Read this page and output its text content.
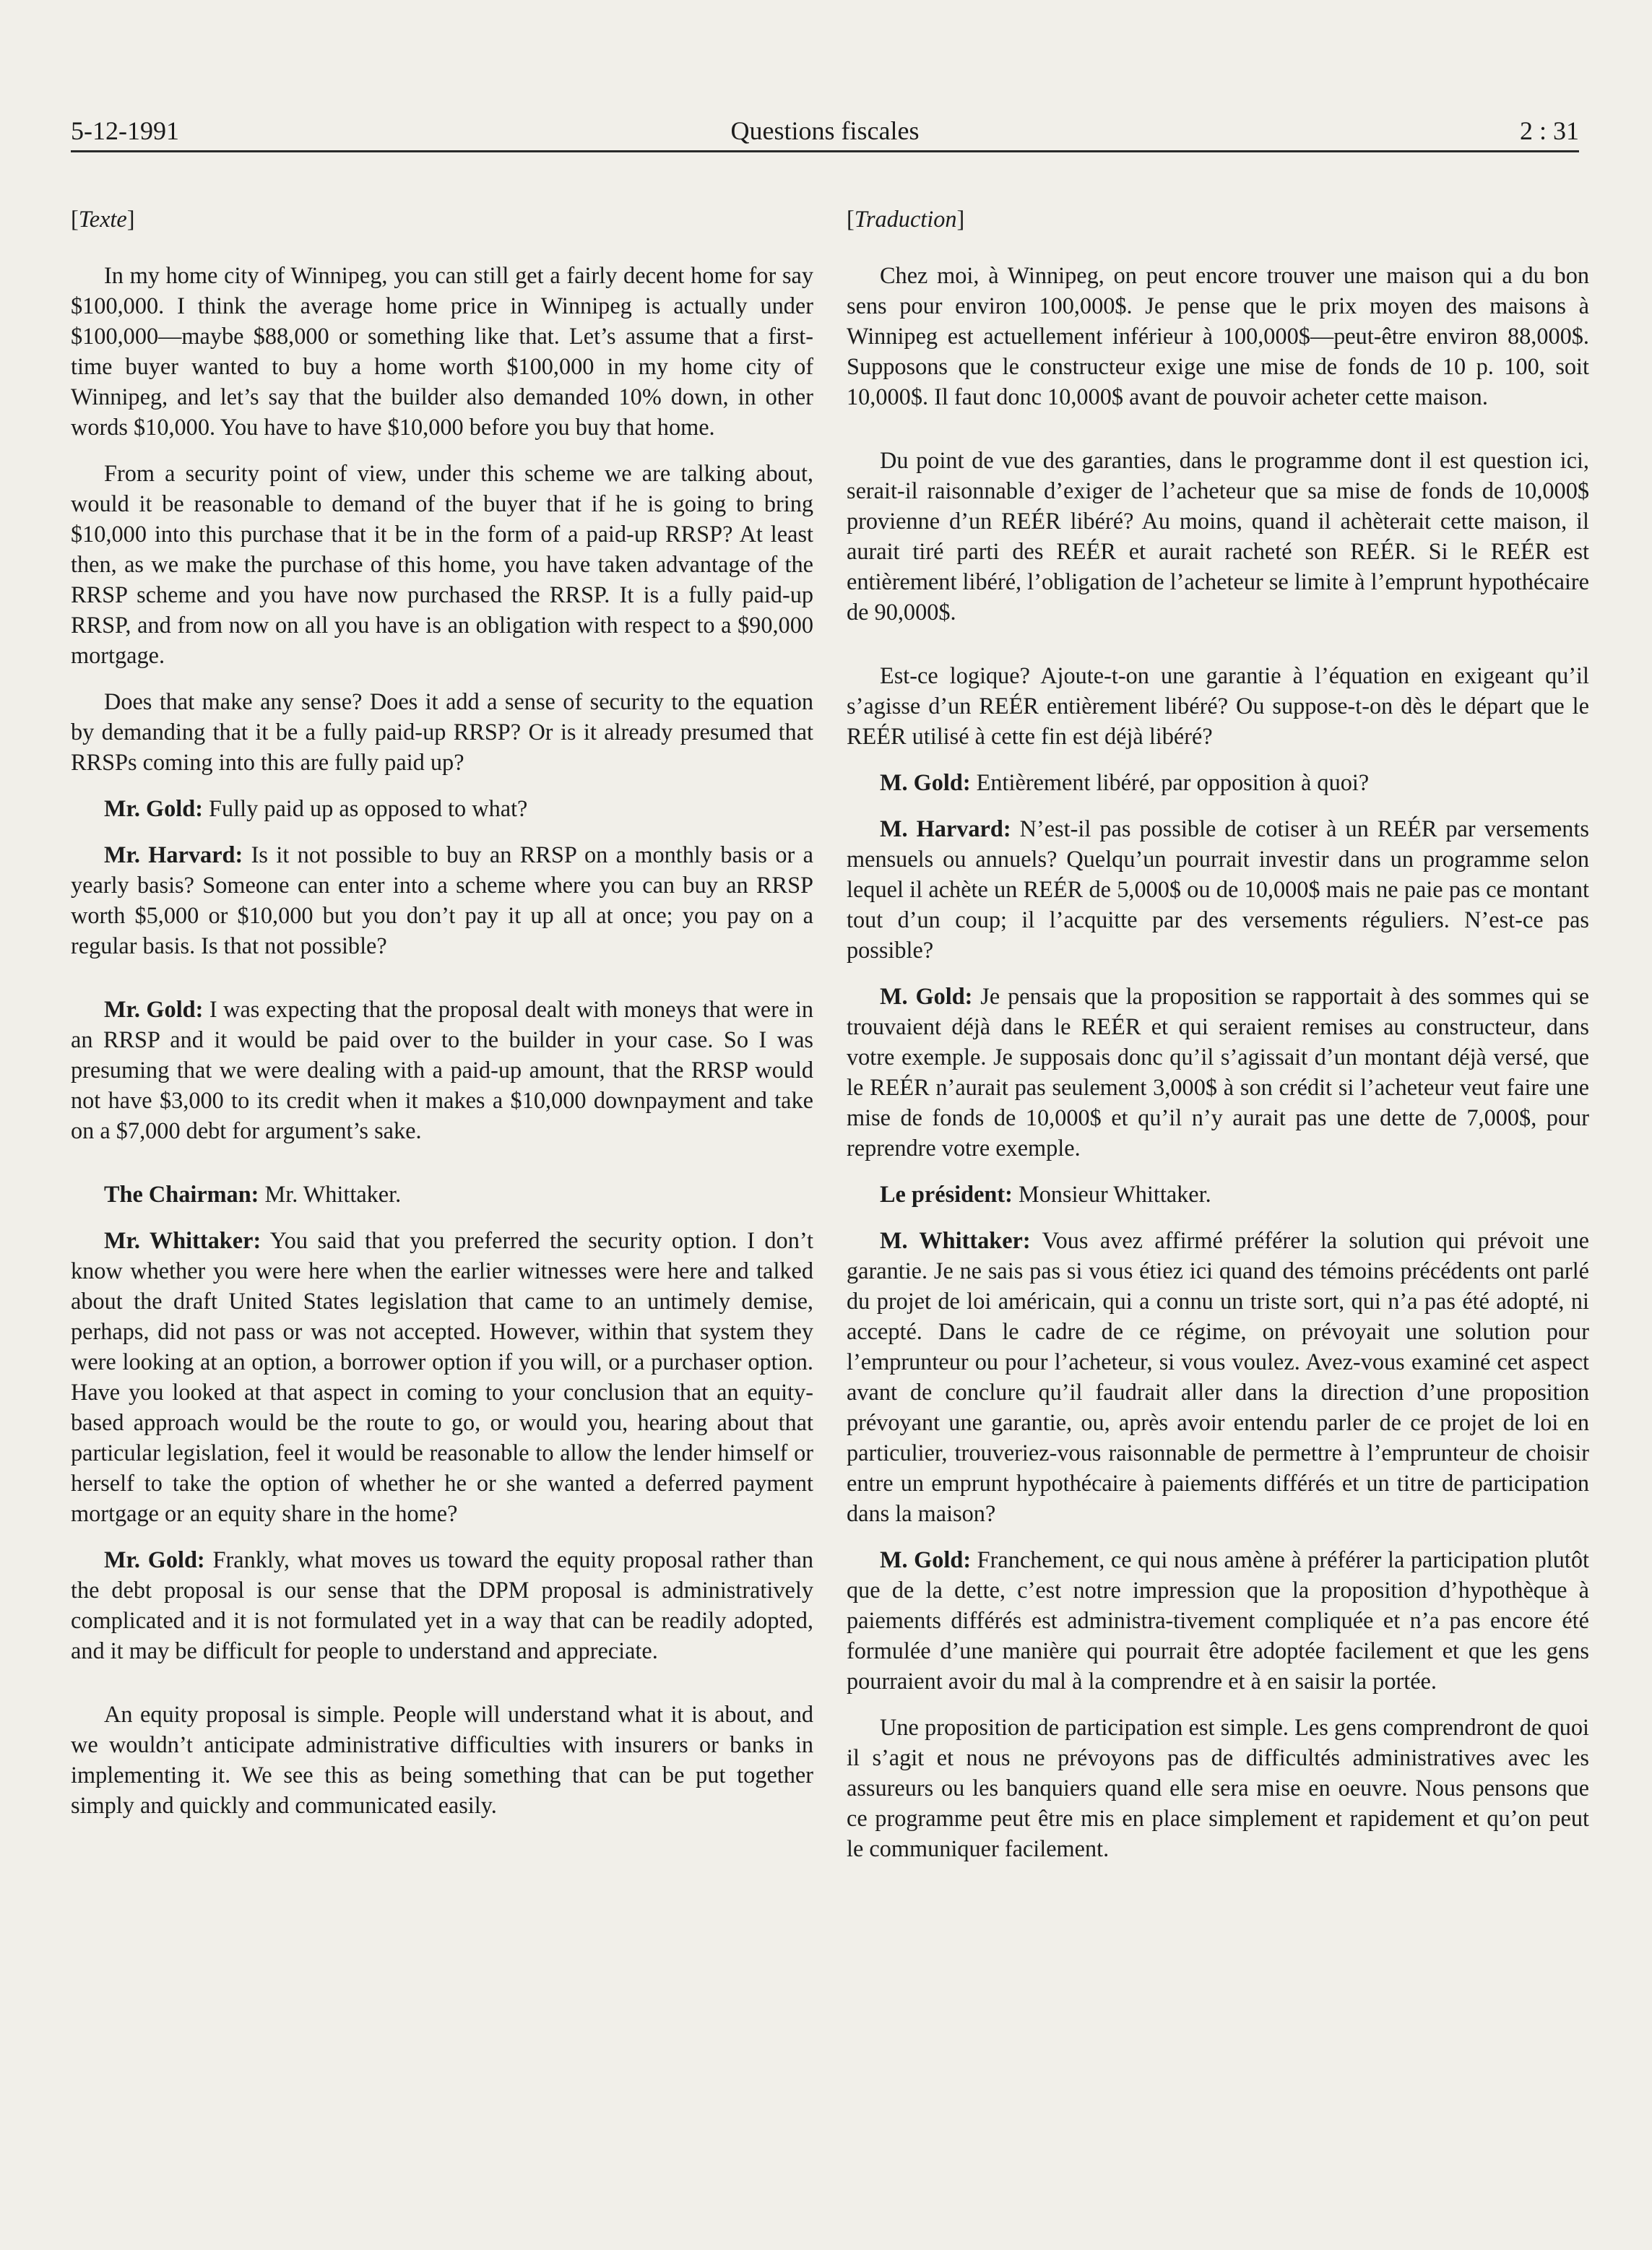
5-12-1991	Questions fiscales	2 : 31
[Texte]

In my home city of Winnipeg, you can still get a fairly decent home for say $100,000. I think the average home price in Winnipeg is actually under $100,000—maybe $88,000 or something like that. Let’s assume that a first-time buyer wanted to buy a home worth $100,000 in my home city of Winnipeg, and let’s say that the builder also demanded 10% down, in other words $10,000. You have to have $10,000 before you buy that home.

From a security point of view, under this scheme we are talking about, would it be reasonable to demand of the buyer that if he is going to bring $10,000 into this purchase that it be in the form of a paid-up RRSP? At least then, as we make the purchase of this home, you have taken advantage of the RRSP scheme and you have now purchased the RRSP. It is a fully paid-up RRSP, and from now on all you have is an obligation with respect to a $90,000 mortgage.

Does that make any sense? Does it add a sense of security to the equation by demanding that it be a fully paid-up RRSP? Or is it already presumed that RRSPs coming into this are fully paid up?

Mr. Gold: Fully paid up as opposed to what?

Mr. Harvard: Is it not possible to buy an RRSP on a monthly basis or a yearly basis? Someone can enter into a scheme where you can buy an RRSP worth $5,000 or $10,000 but you don’t pay it up all at once; you pay on a regular basis. Is that not possible?

Mr. Gold: I was expecting that the proposal dealt with moneys that were in an RRSP and it would be paid over to the builder in your case. So I was presuming that we were dealing with a paid-up amount, that the RRSP would not have $3,000 to its credit when it makes a $10,000 downpayment and take on a $7,000 debt for argument’s sake.

The Chairman: Mr. Whittaker.

Mr. Whittaker: You said that you preferred the security option. I don’t know whether you were here when the earlier witnesses were here and talked about the draft United States legislation that came to an untimely demise, perhaps, did not pass or was not accepted. However, within that system they were looking at an option, a borrower option if you will, or a purchaser option. Have you looked at that aspect in coming to your conclusion that an equity-based approach would be the route to go, or would you, hearing about that particular legislation, feel it would be reasonable to allow the lender himself or herself to take the option of whether he or she wanted a deferred payment mortgage or an equity share in the home?

Mr. Gold: Frankly, what moves us toward the equity proposal rather than the debt proposal is our sense that the DPM proposal is administratively complicated and it is not formulated yet in a way that can be readily adopted, and it may be difficult for people to understand and appreciate.

An equity proposal is simple. People will understand what it is about, and we wouldn’t anticipate administrative difficulties with insurers or banks in implementing it. We see this as being something that can be put together simply and quickly and communicated easily.

[Traduction]

Chez moi, à Winnipeg, on peut encore trouver une maison qui a du bon sens pour environ 100,000$. Je pense que le prix moyen des maisons à Winnipeg est actuellement inférieur à 100,000$—peut-être environ 88,000$. Supposons que le constructeur exige une mise de fonds de 10 p. 100, soit 10,000$. Il faut donc 10,000$ avant de pouvoir acheter cette maison.

Du point de vue des garanties, dans le programme dont il est question ici, serait-il raisonnable d’exiger de l’acheteur que sa mise de fonds de 10,000$ provienne d’un REÉR libéré? Au moins, quand il achèterait cette maison, il aurait tiré parti des REÉR et aurait racheté son REÉR. Si le REÉR est entièrement libéré, l’obligation de l’acheteur se limite à l’emprunt hypothécaire de 90,000$.

Est-ce logique? Ajoute-t-on une garantie à l’équation en exigeant qu’il s’agisse d’un REÉR entièrement libéré? Ou suppose-t-on dès le départ que le REÉR utilisé à cette fin est déjà libéré?

M. Gold: Entièrement libéré, par opposition à quoi?

M. Harvard: N’est-il pas possible de cotiser à un REÉR par versements mensuels ou annuels? Quelqu’un pourrait investir dans un programme selon lequel il achète un REÉR de 5,000$ ou de 10,000$ mais ne paie pas ce montant tout d’un coup; il l’acquitte par des versements réguliers. N’est-ce pas possible?

M. Gold: Je pensais que la proposition se rapportait à des sommes qui se trouvaient déjà dans le REÉR et qui seraient remises au constructeur, dans votre exemple. Je supposais donc qu’il s’agissait d’un montant déjà versé, que le REÉR n’aurait pas seulement 3,000$ à son crédit si l’acheteur veut faire une mise de fonds de 10,000$ et qu’il n’y aurait pas une dette de 7,000$, pour reprendre votre exemple.

Le président: Monsieur Whittaker.

M. Whittaker: Vous avez affirmé préférer la solution qui prévoit une garantie. Je ne sais pas si vous étiez ici quand des témoins précédents ont parlé du projet de loi américain, qui a connu un triste sort, qui n’a pas été adopté, ni accepté. Dans le cadre de ce régime, on prévoyait une solution pour l’emprunteur ou pour l’acheteur, si vous voulez. Avez-vous examiné cet aspect avant de conclure qu’il faudrait aller dans la direction d’une proposition prévoyant une garantie, ou, après avoir entendu parler de ce projet de loi en particulier, trouveriez-vous raisonnable de permettre à l’emprunteur de choisir entre un emprunt hypothécaire à paiements différés et un titre de participation dans la maison?

M. Gold: Franchement, ce qui nous amène à préférer la participation plutôt que de la dette, c’est notre impression que la proposition d’hypothèque à paiements différés est administra-tivement compliquée et n’a pas encore été formulée d’une manière qui pourrait être adoptée facilement et que les gens pourraient avoir du mal à la comprendre et à en saisir la portée.

Une proposition de participation est simple. Les gens comprendront de quoi il s’agit et nous ne prévoyons pas de difficultés administratives avec les assureurs ou les banquiers quand elle sera mise en oeuvre. Nous pensons que ce programme peut être mis en place simplement et rapidement et qu’on peut le communiquer facilement.
